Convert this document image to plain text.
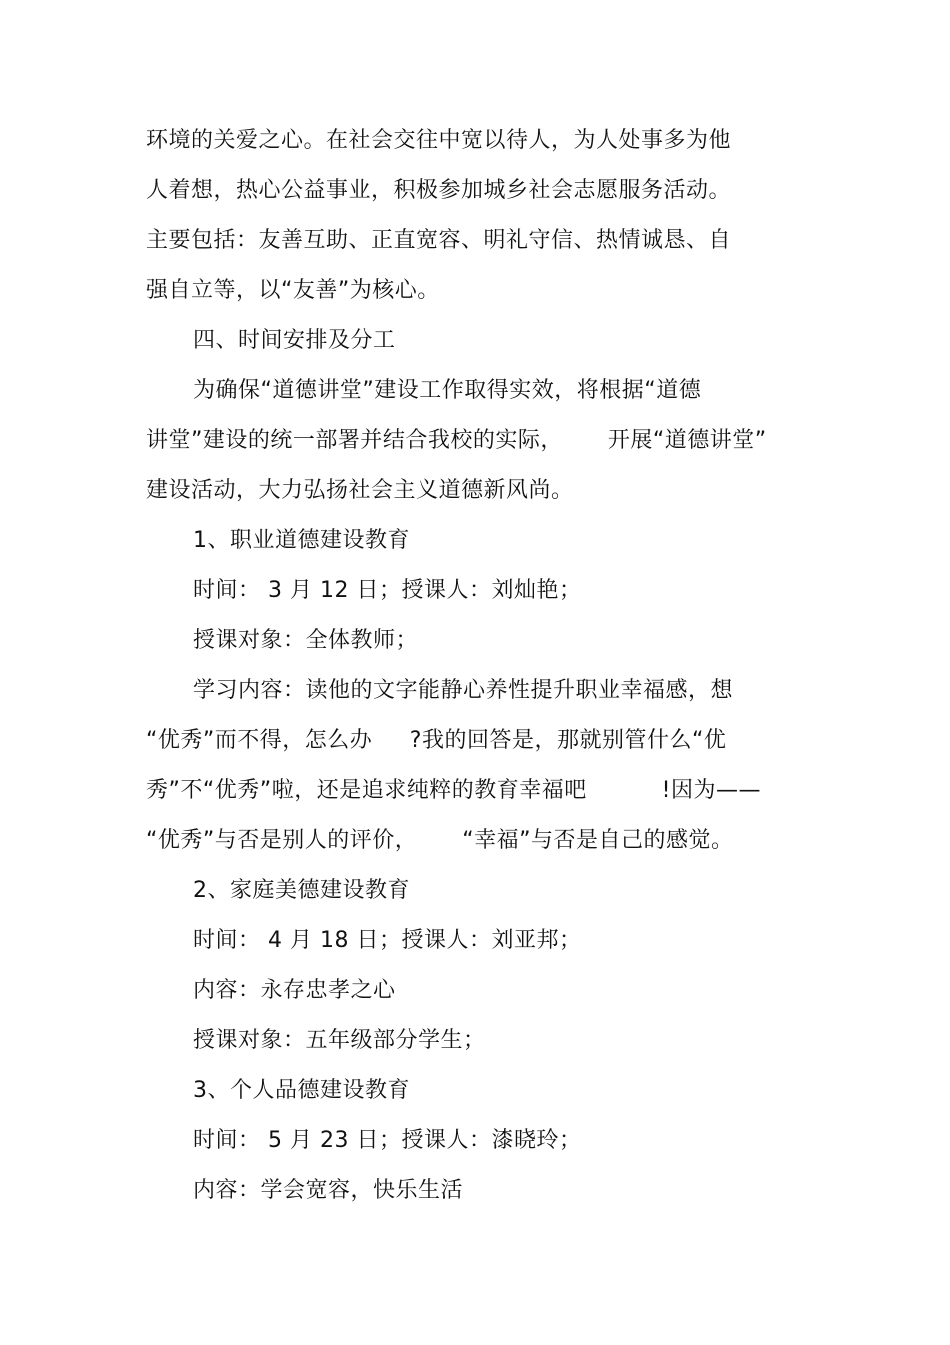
环境的关爱之心。在社会交往中宽以待人，为人处事多为他
人着想，热心公益事业，积极参加城乡社会志愿服务活动。
主要包括：友善互助、正直宽容、明礼守信、热情诚恳、自
强自立等，以“友善”为核心。
四、时间安排及分工
为确保“道德讲堂”建设工作取得实效，将根据“道德
讲堂”建设的统一部署并结合我校的实际，      开展“道德讲堂”
建设活动，大力弘扬社会主义道德新风尚。
1、职业道德建设教育
时间： 3 月 12 日；授课人：刘灿艳；
授课对象：全体教师；
学习内容：读他的文字能静心养性提升职业幸福感，想
“优秀”而不得，怎么办     ?我的回答是，那就别管什么“优
秀”不“优秀”啦，还是追求纯粹的教育幸福吧          !因为——
“优秀”与否是别人的评价，      “幸福”与否是自己的感觉。
2、家庭美德建设教育
时间： 4 月 18 日；授课人：刘亚邦；
内容：永存忠孝之心
授课对象：五年级部分学生；
3、个人品德建设教育
时间： 5 月 23 日；授课人：漆晓玲；
内容：学会宽容，快乐生活
